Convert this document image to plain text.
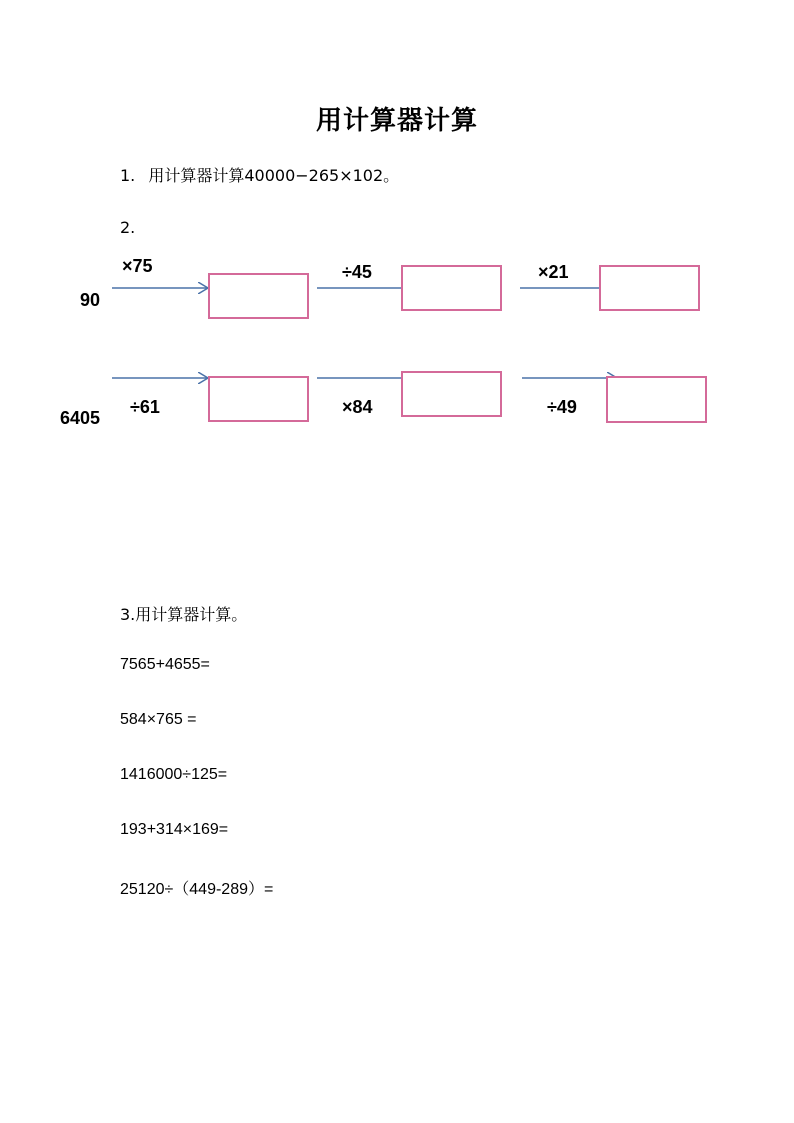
用计算器计算
1. 用计算器计算40000−265×102。
2.
90
×75	÷45	×21
6405
÷61	×84	÷49
3.用计算器计算。
7565+4655=
584×765 =
1416000÷125=
193+314×169=
25120÷（449-289）=
